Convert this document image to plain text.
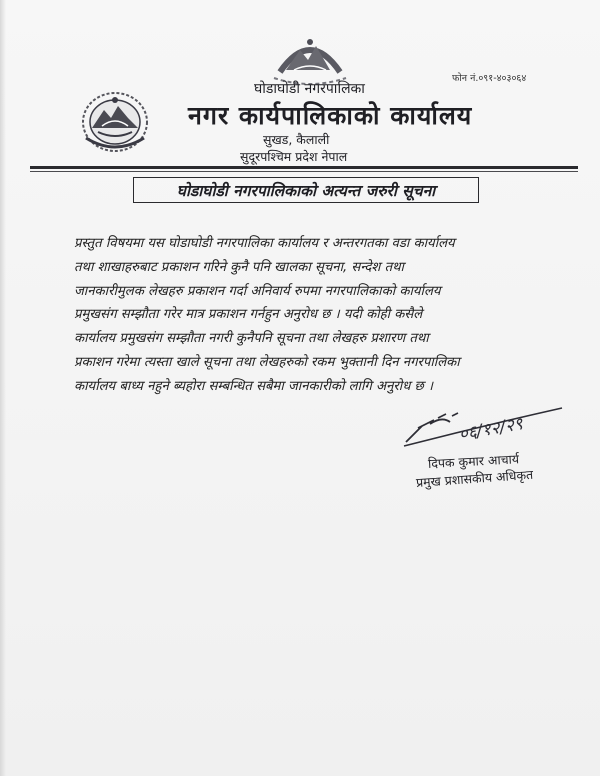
घोडाघोडी नगरपालिका
नगर कार्यपालिकाको कार्यालय
सुखड, कैलाली
सुदूरपश्चिम प्रदेश नेपाल
फोन नं.०९१-४०३०६४
घोडाघोडी नगरपालिकाको अत्यन्त जरुरी सूचना
प्रस्तुत विषयमा यस घोडाघोडी नगरपालिका कार्यालय र अन्तरगतका वडा कार्यालय
तथा शाखाहरुबाट प्रकाशन गरिने कुनै पनि खालका सूचना, सन्देश तथा
जानकारीमुलक लेखहरु प्रकाशन गर्दा अनिवार्य रुपमा नगरपालिकाको कार्यालय
प्रमुखसंग सम्झौता गरेर मात्र प्रकाशन गर्नहुन अनुरोध छ । यदी कोही कसैले
कार्यालय प्रमुखसंग सम्झौता नगरी कुनैपनि सूचना तथा लेखहरु प्रशारण तथा
प्रकाशन गरेमा त्यस्ता खाले सूचना तथा लेखहरुको रकम भुक्तानी दिन नगरपालिका
कार्यालय बाध्य नहुने ब्यहोरा सम्बन्धित सबैमा जानकारीको लागि अनुरोध छ ।
०६/१२/२९
दिपक कुमार आचार्य
प्रमुख प्रशासकीय अधिकृत
